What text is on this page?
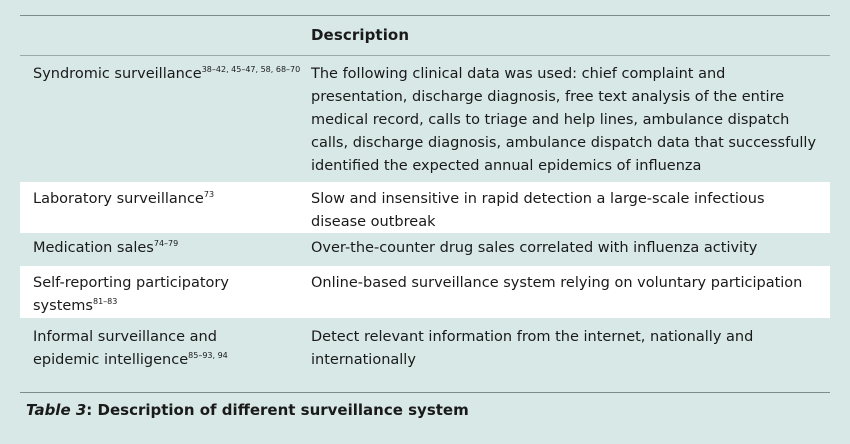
Description
Syndromic surveillance$^{38-42, 45-47, 58, 68-70}$ The following clinical data was used: chief complaint and
presentation, discharge diagnosis, free text analysis of the entire
medical record, calls to triage and help lines, ambulance dispatch
calls, discharge diagnosis, ambulance dispatch data that successfully
identified the expected annual epidemics of influenza
Laboratory surveillance$^{73}$	Slow and insensitive in rapid detection a large-scale infectious
disease outbreak
Medication sales$^{74-79}$	Over-the-counter drug sales correlated with influenza activity
Self-reporting participatory
systems$^{81-83}$
Online-based surveillance system relying on voluntary participation
Informal surveillance and
epidemic intelligence$^{85-93, 94}$
Detect relevant information from the internet, nationally and
internationally
Table 3: Description of different surveillance system
